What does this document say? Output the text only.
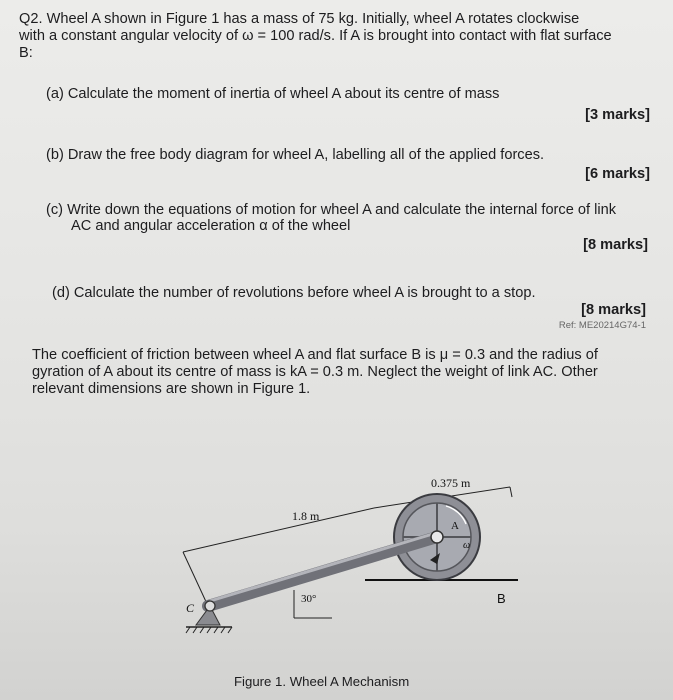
Q2. Wheel A shown in Figure 1 has a mass of 75 kg. Initially, wheel A rotates clockwise
with a constant angular velocity of ω = 100 rad/s. If A is brought into contact with flat surface
B:
(a) Calculate the moment of inertia of wheel A about its centre of mass
[3 marks]
(b) Draw the free body diagram for wheel A, labelling all of the applied forces.
[6 marks]
(c) Write down the equations of motion for wheel A and calculate the internal force of link
AC and angular acceleration α of the wheel
[8 marks]
(d) Calculate the number of revolutions before wheel A is brought to a stop.
[8 marks]
Ref: ME20214G74-1
The coefficient of friction between wheel A and flat surface B is μ = 0.3 and the radius of
gyration of A about its centre of mass is kA = 0.3 m. Neglect the weight of link AC. Other
relevant dimensions are shown in Figure 1.
0.375 m
1.8 m
30°
A
ω
B
C
Figure 1. Wheel A Mechanism
